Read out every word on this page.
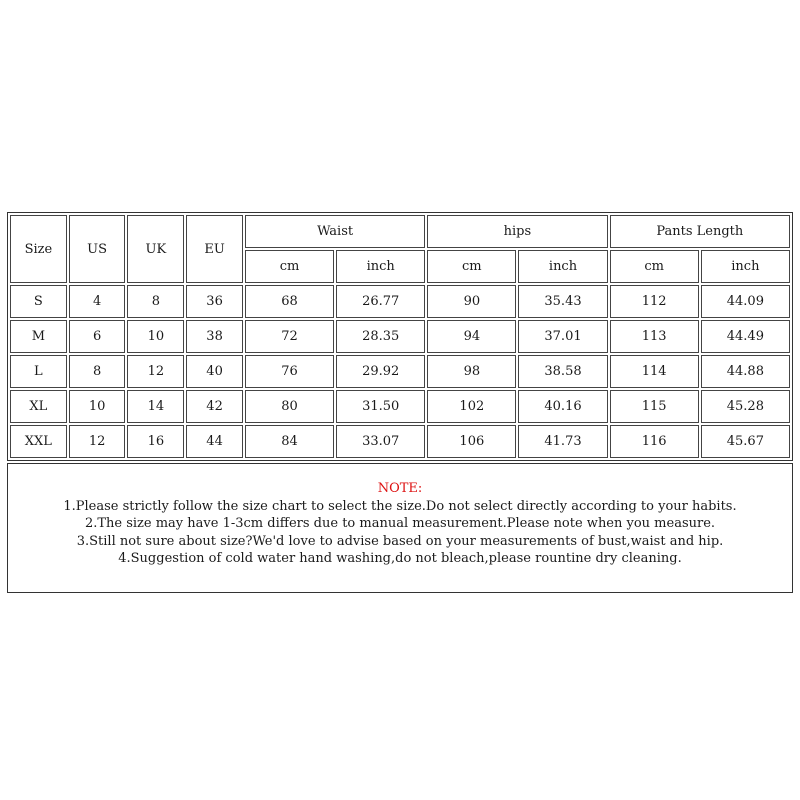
Size	US	UK	EU	Waist		hips		Pants Length	
				cm	inch	cm	inch	cm	inch
S	4	8	36	68	26.77	90	35.43	112	44.09
M	6	10	38	72	28.35	94	37.01	113	44.49
L	8	12	40	76	29.92	98	38.58	114	44.88
XL	10	14	42	80	31.50	102	40.16	115	45.28
XXL	12	16	44	84	33.07	106	41.73	116	45.67
NOTE:

1.Please strictly follow the size chart to select the size.Do not select directly according to your habits.

2.The size may have 1-3cm differs due to manual measurement.Please note when you measure.

3.Still not sure about size?We'd love to advise based on your measurements of bust,waist and hip.

4.Suggestion of cold water hand washing,do not bleach,please rountine dry cleaning.
